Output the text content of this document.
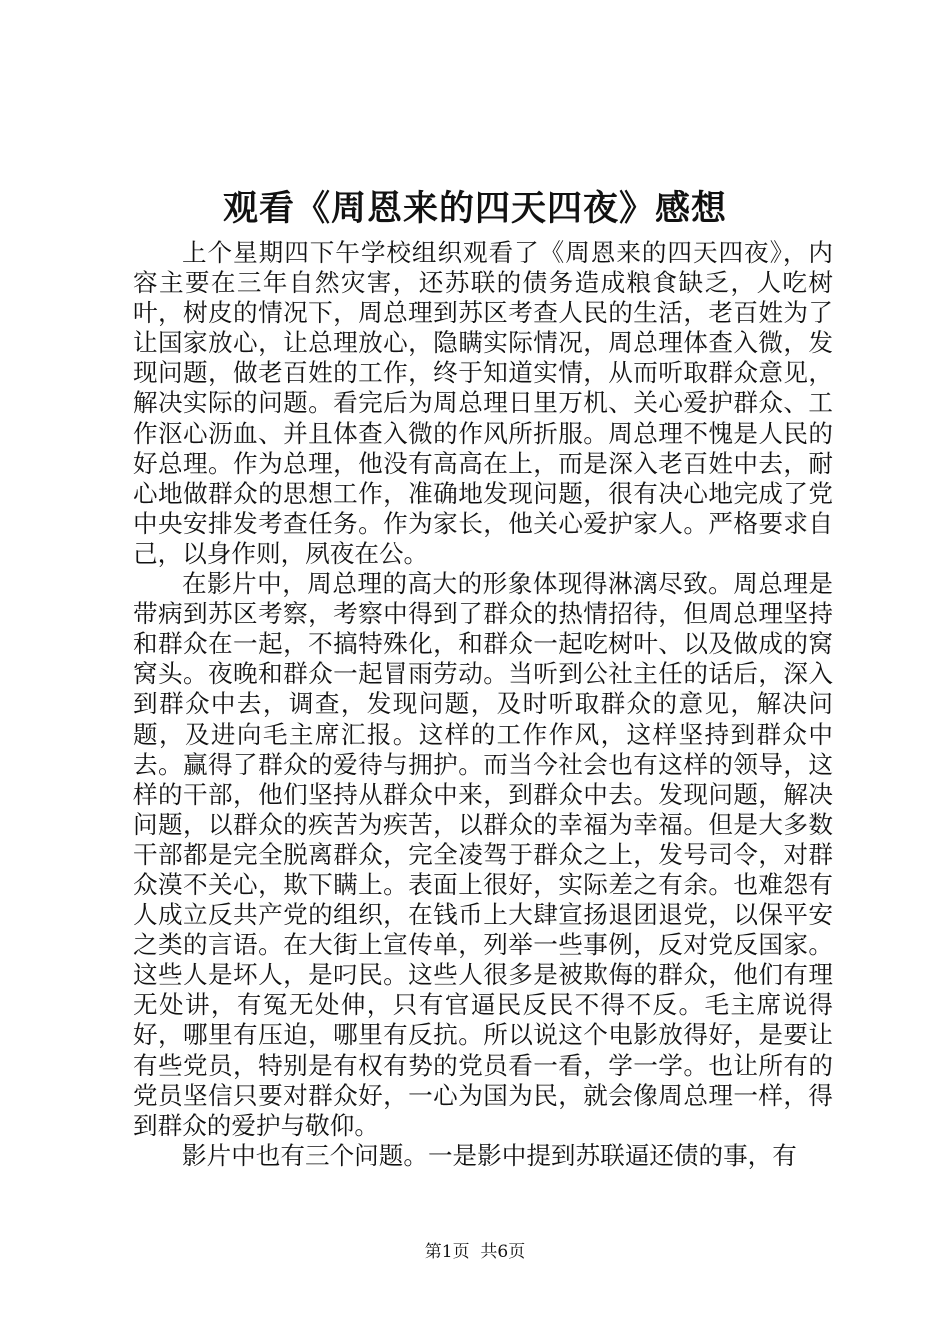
观看《周恩来的四天四夜》感想

上个星期四下午学校组织观看了《周恩来的四天四夜》，内容主要在三年自然灾害，还苏联的债务造成粮食缺乏，人吃树叶，树皮的情况下，周总理到苏区考查人民的生活，老百姓为了让国家放心，让总理放心，隐瞒实际情况，周总理体查入微，发现问题，做老百姓的工作，终于知道实情，从而听取群众意见，解决实际的问题。看完后为周总理日里万机、关心爱护群众、工作沤心沥血、并且体查入微的作风所折服。周总理不愧是人民的好总理。作为总理，他没有高高在上，而是深入老百姓中去，耐心地做群众的思想工作，准确地发现问题，很有决心地完成了党中央安排发考查任务。作为家长，他关心爱护家人。严格要求自己，以身作则，夙夜在公。

在影片中，周总理的高大的形象体现得淋漓尽致。周总理是带病到苏区考察，考察中得到了群众的热情招待，但周总理坚持和群众在一起，不搞特殊化，和群众一起吃树叶、以及做成的窝窝头。夜晚和群众一起冒雨劳动。当听到公社主任的话后，深入到群众中去，调查，发现问题，及时听取群众的意见，解决问题，及进向毛主席汇报。这样的工作作风，这样坚持到群众中去。赢得了群众的爱待与拥护。而当今社会也有这样的领导，这样的干部，他们坚持从群众中来，到群众中去。发现问题，解决问题，以群众的疾苦为疾苦，以群众的幸福为幸福。但是大多数干部都是完全脱离群众，完全凌驾于群众之上，发号司令，对群众漠不关心，欺下瞒上。表面上很好，实际差之有余。也难怨有人成立反共产党的组织，在钱币上大肆宣扬退团退党，以保平安之类的言语。在大街上宣传单，列举一些事例，反对党反国家。这些人是坏人，是叼民。这些人很多是被欺侮的群众，他们有理无处讲，有冤无处伸，只有官逼民反民不得不反。毛主席说得好，哪里有压迫，哪里有反抗。所以说这个电影放得好，是要让有些党员，特别是有权有势的党员看一看，学一学。也让所有的党员坚信只要对群众好，一心为国为民，就会像周总理一样，得到群众的爱护与敬仰。

影片中也有三个问题。一是影中提到苏联逼还债的事，有

第1页  共6页
